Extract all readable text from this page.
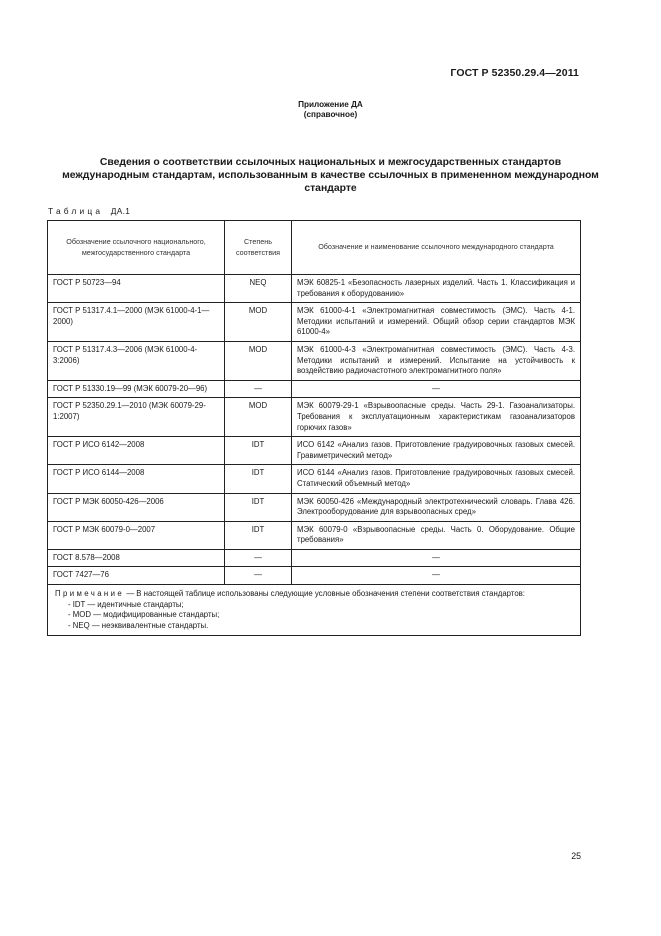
ГОСТ Р 52350.29.4—2011
Приложение ДА
(справочное)
Сведения о соответствии ссылочных национальных и межгосударственных стандартов международным стандартам, использованным в качестве ссылочных в примененном международном стандарте
Таблица ДА.1
Обозначение ссылочного национального, межгосударственного стандарта	Степень соответствия	Обозначение и наименование ссылочного международного стандарта
ГОСТ Р 50723—94	NEQ	МЭК 60825-1 «Безопасность лазерных изделий. Часть 1. Классификация и требования к оборудованию»
ГОСТ Р 51317.4.1—2000 (МЭК 61000-4-1—2000)	MOD	МЭК 61000-4-1 «Электромагнитная совместимость (ЭМС). Часть 4-1. Методики испытаний и измерений. Общий обзор серии стандартов МЭК 61000-4»
ГОСТ Р 51317.4.3—2006 (МЭК 61000-4-3:2006)	MOD	МЭК 61000-4-3 «Электромагнитная совместимость (ЭМС). Часть 4-3. Методики испытаний и измерений. Испытание на устойчивость к воздействию радиочастотного электромагнитного поля»
ГОСТ Р 51330.19—99 (МЭК 60079-20—96)	—	—
ГОСТ Р 52350.29.1—2010 (МЭК 60079-29-1:2007)	MOD	МЭК 60079-29-1 «Взрывоопасные среды. Часть 29-1. Газоанализаторы. Требования к эксплуатационным характеристикам газоанализаторов горючих газов»
ГОСТ Р ИСО 6142—2008	IDT	ИСО 6142 «Анализ газов. Приготовление градуировочных газовых смесей. Гравиметрический метод»
ГОСТ Р ИСО 6144—2008	IDT	ИСО 6144 «Анализ газов. Приготовление градуировочных газовых смесей. Статический объемный метод»
ГОСТ Р МЭК 60050-426—2006	IDT	МЭК 60050-426 «Международный электротехнический словарь. Глава 426. Электрооборудование для взрывоопасных сред»
ГОСТ Р МЭК 60079-0—2007	IDT	МЭК 60079-0 «Взрывоопасные среды. Часть 0. Оборудование. Общие требования»
ГОСТ 8.578—2008	—	—
ГОСТ 7427—76	—	—

Примечание — В настоящей таблице использованы следующие условные обозначения степени соответствия стандартов:
- IDT — идентичные стандарты;
- MOD — модифицированные стандарты;
- NEQ — неэквивалентные стандарты.		
25
